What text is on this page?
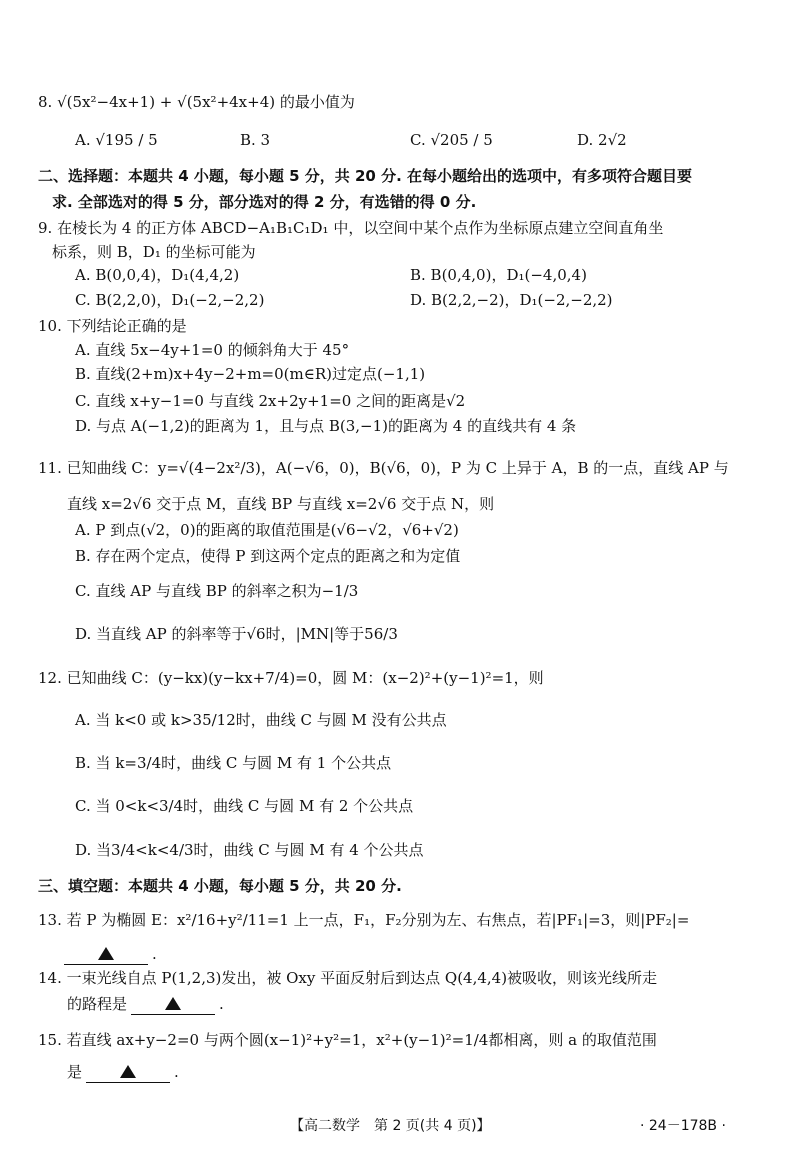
8. √(5x²−4x+1) + √(5x²+4x+4) 的最小值为
A. √195 / 5	B. 3	C. √205 / 5	D. 2√2
二、选择题：本题共 4 小题，每小题 5 分，共 20 分. 在每小题给出的选项中，有多项符合题目要
求. 全部选对的得 5 分，部分选对的得 2 分，有选错的得 0 分.
9. 在棱长为 4 的正方体 ABCD−A₁B₁C₁D₁ 中，以空间中某个点作为坐标原点建立空间直角坐
标系，则 B，D₁ 的坐标可能为
A. B(0,0,4)，D₁(4,4,2)	B. B(0,4,0)，D₁(−4,0,4)
C. B(2,2,0)，D₁(−2,−2,2)	D. B(2,2,−2)，D₁(−2,−2,2)
10. 下列结论正确的是
A. 直线 5x−4y+1=0 的倾斜角大于 45°
B. 直线(2+m)x+4y−2+m=0(m∈R)过定点(−1,1)
C. 直线 x+y−1=0 与直线 2x+2y+1=0 之间的距离是√2
D. 与点 A(−1,2)的距离为 1，且与点 B(3,−1)的距离为 4 的直线共有 4 条
11. 已知曲线 C：y=√(4−2x²/3)，A(−√6，0)，B(√6，0)，P 为 C 上异于 A，B 的一点，直线 AP 与
直线 x=2√6 交于点 M，直线 BP 与直线 x=2√6 交于点 N，则
A. P 到点(√2，0)的距离的取值范围是(√6−√2，√6+√2)
B. 存在两个定点，使得 P 到这两个定点的距离之和为定值
C. 直线 AP 与直线 BP 的斜率之积为−1/3
D. 当直线 AP 的斜率等于√6时，|MN|等于56/3
12. 已知曲线 C：(y−kx)(y−kx+7/4)=0，圆 M：(x−2)²+(y−1)²=1，则
A. 当 k<0 或 k>35/12时，曲线 C 与圆 M 没有公共点
B. 当 k=3/4时，曲线 C 与圆 M 有 1 个公共点
C. 当 0<k<3/4时，曲线 C 与圆 M 有 2 个公共点
D. 当3/4<k<4/3时，曲线 C 与圆 M 有 4 个公共点
三、填空题：本题共 4 小题，每小题 5 分，共 20 分.
13. 若 P 为椭圆 E：x²/16+y²/11=1 上一点，F₁，F₂分别为左、右焦点，若|PF₁|=3，则|PF₂|=
.
14. 一束光线自点 P(1,2,3)发出，被 Oxy 平面反射后到达点 Q(4,4,4)被吸收，则该光线所走
的路程是	.
15. 若直线 ax+y−2=0 与两个圆(x−1)²+y²=1，x²+(y−1)²=1/4都相离，则 a 的取值范围
是	.
【高二数学　第 2 页(共 4 页)】	· 24－178B ·
